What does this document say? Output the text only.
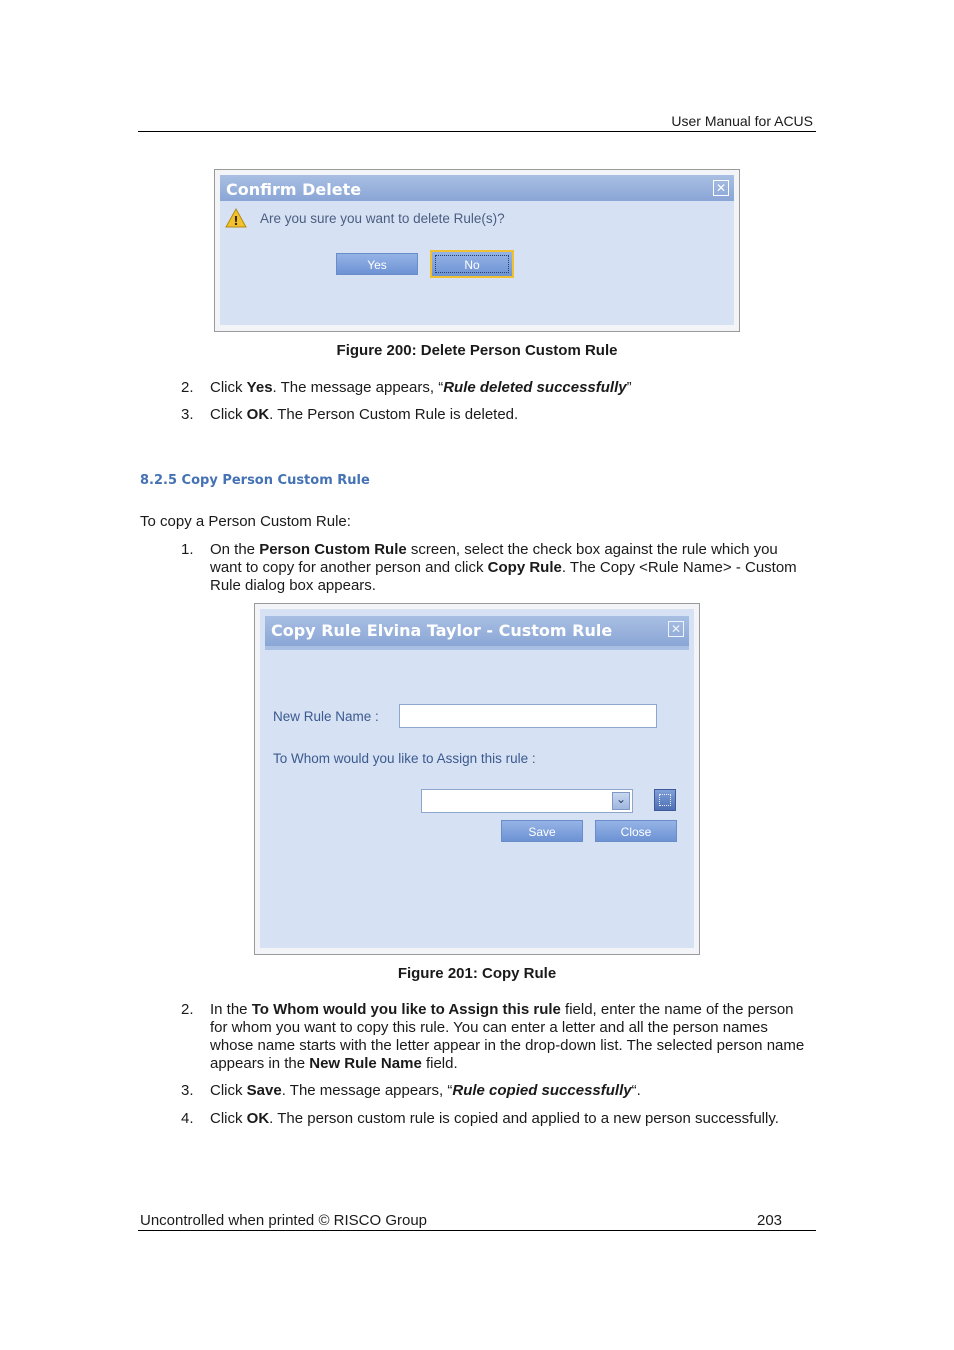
User Manual for ACUS
Confirm Delete	✕
! Are you sure you want to delete Rule(s)?
Yes	No
Figure 200: Delete Person Custom Rule
2. Click Yes. The message appears, “Rule deleted successfully”
3. Click OK. The Person Custom Rule is deleted.
8.2.5 Copy Person Custom Rule
To copy a Person Custom Rule:
1. On the Person Custom Rule screen, select the check box against the rule which you want to copy for another person and click Copy Rule. The Copy <Rule Name> - Custom Rule dialog box appears.
Copy Rule Elvina Taylor - Custom Rule	✕
New Rule Name :
To Whom would you like to Assign this rule :
⌄
Save	Close
Figure 201: Copy Rule
2. In the To Whom would you like to Assign this rule field, enter the name of the person for whom you want to copy this rule. You can enter a letter and all the person names whose name starts with the letter appear in the drop-down list. The selected person name appears in the New Rule Name field.
3. Click Save. The message appears, “Rule copied successfully“.
4. Click OK. The person custom rule is copied and applied to a new person successfully.
Uncontrolled when printed © RISCO Group	203
